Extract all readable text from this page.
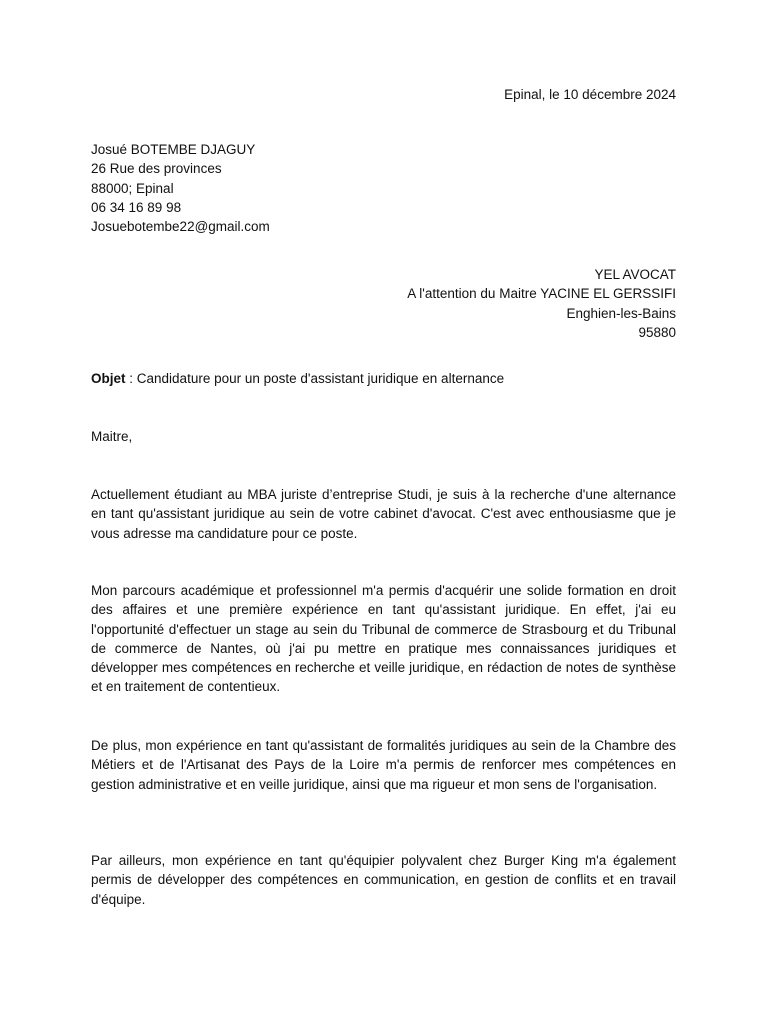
Epinal, le 10 décembre 2024
Josué BOTEMBE DJAGUY
26 Rue des provinces
88000; Epinal
06 34 16 89 98
Josuebotembe22@gmail.com
YEL AVOCAT
A l'attention du Maitre YACINE EL GERSSIFI
Enghien-les-Bains
95880
Objet : Candidature pour un poste d'assistant juridique en alternance
Maitre,
Actuellement étudiant au MBA juriste d’entreprise Studi, je suis à la recherche d'une alternance en tant qu'assistant juridique au sein de votre cabinet d'avocat. C'est avec enthousiasme que je vous adresse ma candidature pour ce poste.
Mon parcours académique et professionnel m'a permis d'acquérir une solide formation en droit des affaires et une première expérience en tant qu'assistant juridique. En effet, j'ai eu l'opportunité d'effectuer un stage au sein du Tribunal de commerce de Strasbourg et du Tribunal de commerce de Nantes, où j'ai pu mettre en pratique mes connaissances juridiques et développer mes compétences en recherche et veille juridique, en rédaction de notes de synthèse et en traitement de contentieux.
De plus, mon expérience en tant qu'assistant de formalités juridiques au sein de la Chambre des Métiers et de l'Artisanat des Pays de la Loire m'a permis de renforcer mes compétences en gestion administrative et en veille juridique, ainsi que ma rigueur et mon sens de l'organisation.
Par ailleurs, mon expérience en tant qu'équipier polyvalent chez Burger King m'a également permis de développer des compétences en communication, en gestion de conflits et en travail d'équipe.
